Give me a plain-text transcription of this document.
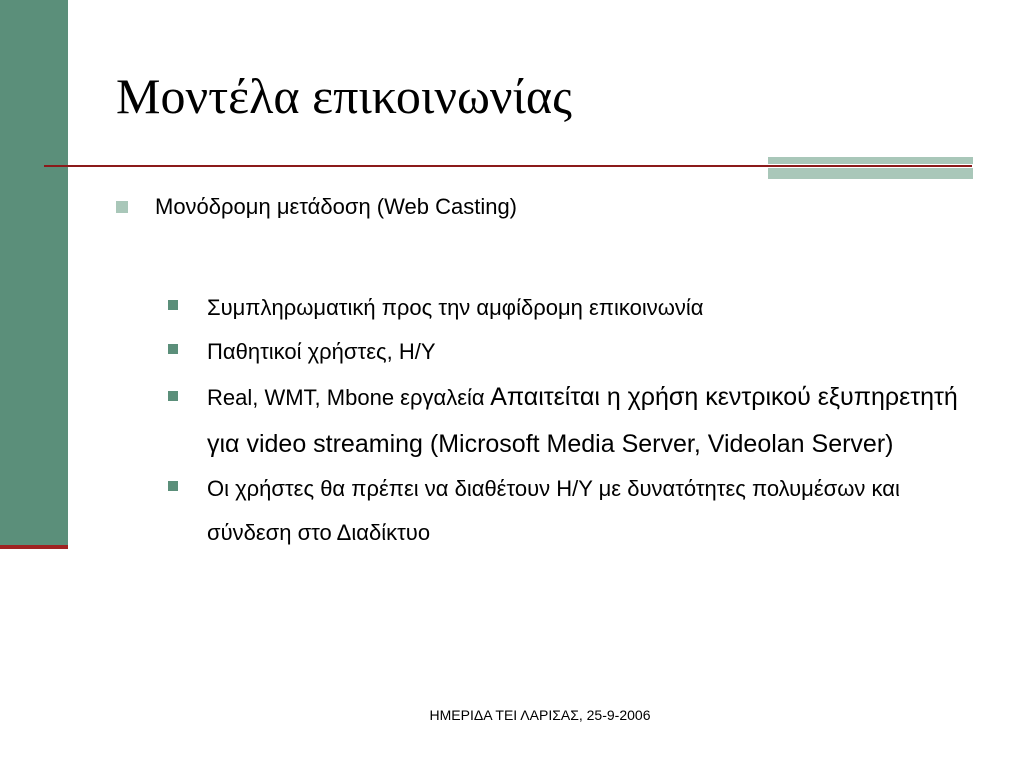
Μοντέλα επικοινωνίας
Μονόδρομη μετάδοση (Web Casting)
Συμπληρωματική προς την αμφίδρομη επικοινωνία
Παθητικοί χρήστες, Η/Υ
Real, WMT, Mbone εργαλεία Απαιτείται η χρήση κεντρικού εξυπηρετητή για video streaming (Microsoft Media Server, Videolan Server)
Οι χρήστες θα πρέπει να διαθέτουν Η/Υ με δυνατότητες πολυμέσων και σύνδεση στο Διαδίκτυο
ΗΜΕΡΙΔΑ ΤΕΙ ΛΑΡΙΣΑΣ, 25-9-2006
